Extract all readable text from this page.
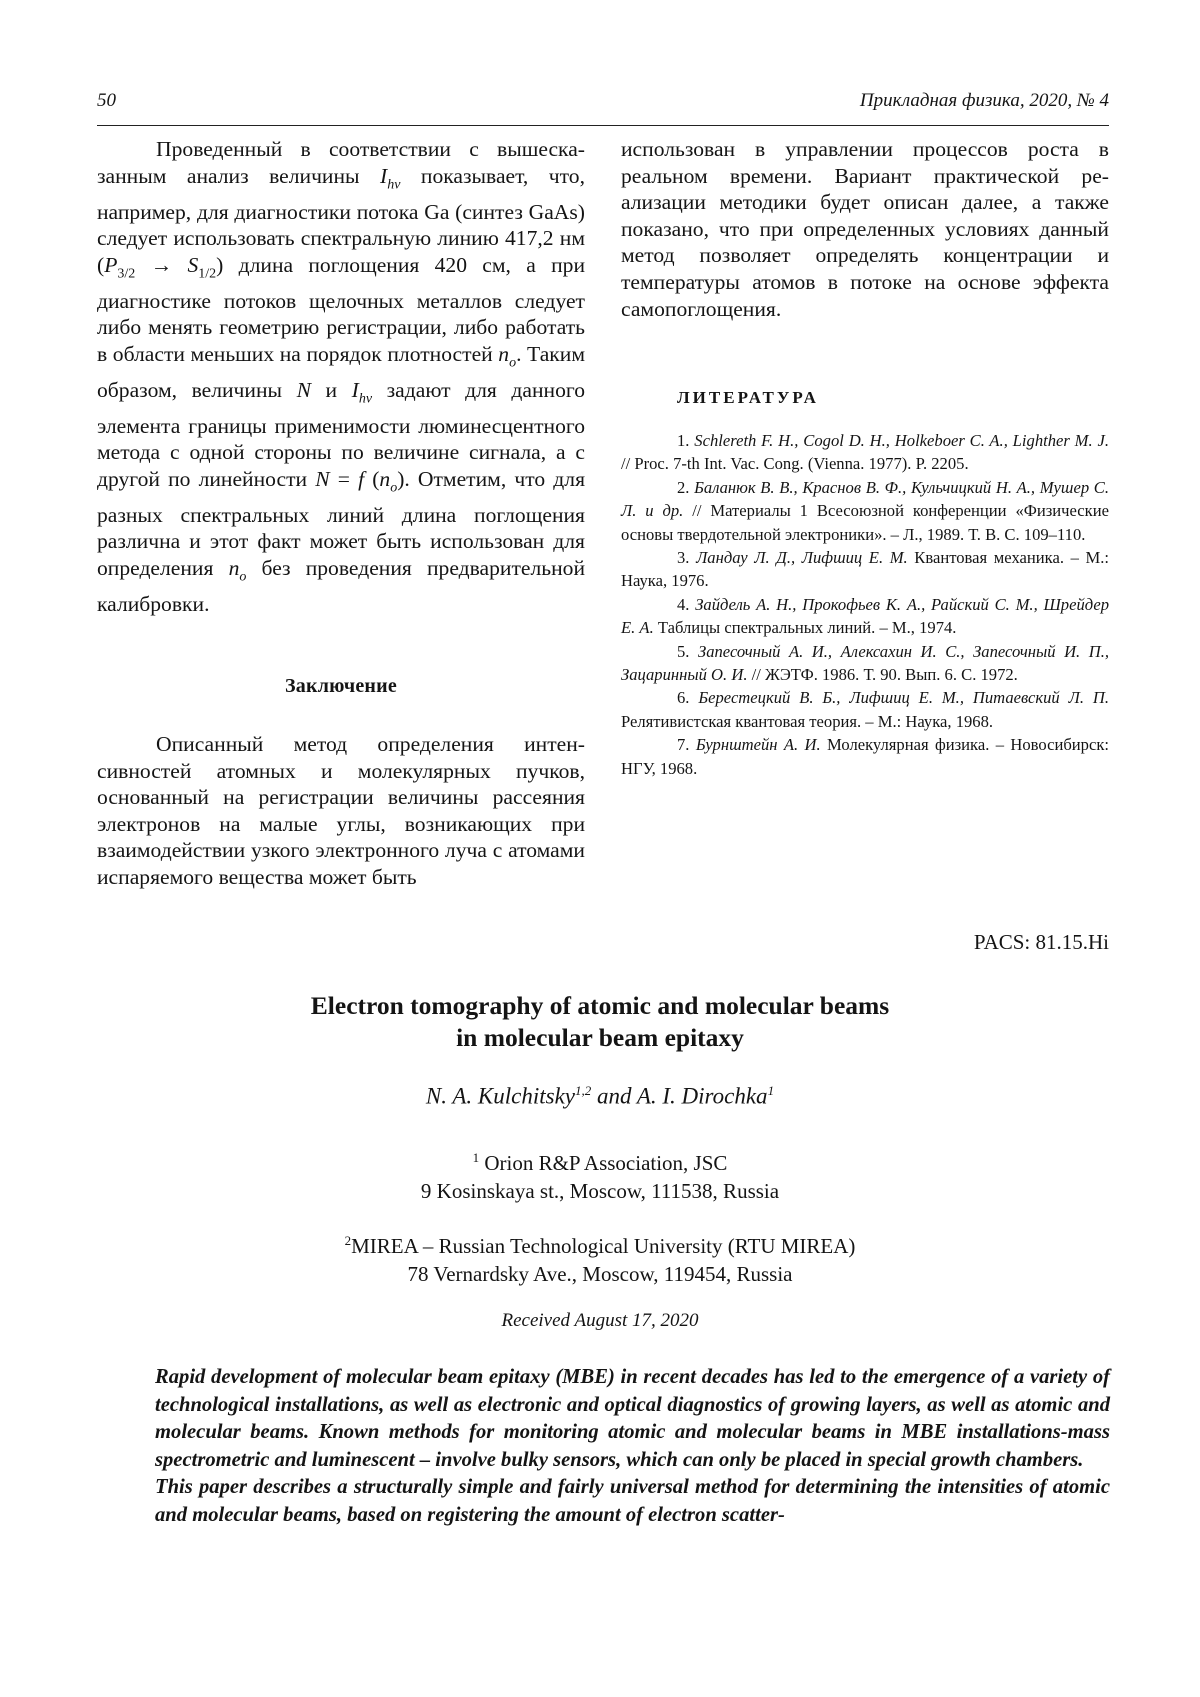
50	Прикладная физика, 2020, № 4

Проведенный в соответствии с вышесказанным анализ величины $I_{h\nu}$ показывает, что, например, для диагностики потока Ga (синтез GaAs) следует использовать спектральную линию 417,2 нм $(P_{3/2} \to S_{1/2})$ длина поглощения 420 см, а при диагностике потоков щелочных металлов следует либо менять геометрию регистрации, либо работать в области меньших на порядок плотностей $n_o$. Таким образом, величины N и $I_{h\nu}$ задают для данного элемента границы применимости люминесцентного метода с одной стороны по величине сигнала, а с другой по линейности N = f $(n_o)$. Отметим, что для разных спектральных линий длина поглощения различна и этот факт может быть использован для определения $n_o$ без проведения предварительной калибровки.

Заключение

Описанный метод определения интенсивностей атомных и молекулярных пучков, основанный на регистрации величины рассеяния электронов на малые углы, возникающих при взаимодействии узкого электронного луча с атомами испаряемого вещества может быть

использован в управлении процессов роста в реальном времени. Вариант практической реализации методики будет описан далее, а также показано, что при определенных условиях данный метод позволяет определять концентрации и температуры атомов в потоке на основе эффекта самопоглощения.

ЛИТЕРАТУРА

1. Schlereth F. H., Cogol D. H., Holkeboer C. A., Lighther M. J. // Proc. 7-th Int. Vac. Cong. (Vienna. 1977). P. 2205.

2. Баланюк В. В., Краснов В. Ф., Кульчицкий Н. А., Мушер С. Л. и др. // Материалы 1 Всесоюзной конференции «Физические основы твердотельной электроники». – Л., 1989. Т. В. С. 109–110.

3. Ландау Л. Д., Лифшиц Е. М. Квантовая механика. – М.: Наука, 1976.

4. Зайдель А. Н., Прокофьев К. А., Райский С. М., Шрейдер Е. А. Таблицы спектральных линий. – М., 1974.

5. Запесочный А. И., Алексахин И. С., Запесочный И. П., Зацаринный О. И. // ЖЭТФ. 1986. Т. 90. Вып. 6. С. 1972.

6. Берестецкий В. Б., Лифшиц Е. М., Питаевский Л. П. Релятивистская квантовая теория. – М.: Наука, 1968.

7. Бурнштейн А. И. Молекулярная физика. – Новосибирск: НГУ, 1968.

PACS: 81.15.Hi
Electron tomography of atomic and molecular beams
in molecular beam epitaxy
N. A. Kulchitsky$^{1,2}$ and A. I. Dirochka$^1$
$^1$ Orion R&P Association, JSC
9 Kosinskaya st., Moscow, 111538, Russia
$^2$MIREA – Russian Technological University (RTU MIREA)
78 Vernardsky Ave., Moscow, 119454, Russia
Received August 17, 2020

Rapid development of molecular beam epitaxy (MBE) in recent decades has led to the emergence of a variety of technological installations, as well as electronic and optical diagnostics of growing layers, as well as atomic and molecular beams. Known methods for monitoring atomic and molecular beams in MBE installations-mass spectrometric and luminescent – involve bulky sensors, which can only be placed in special growth chambers.

This paper describes a structurally simple and fairly universal method for determining the intensities of atomic and molecular beams, based on registering the amount of electron scatter-
